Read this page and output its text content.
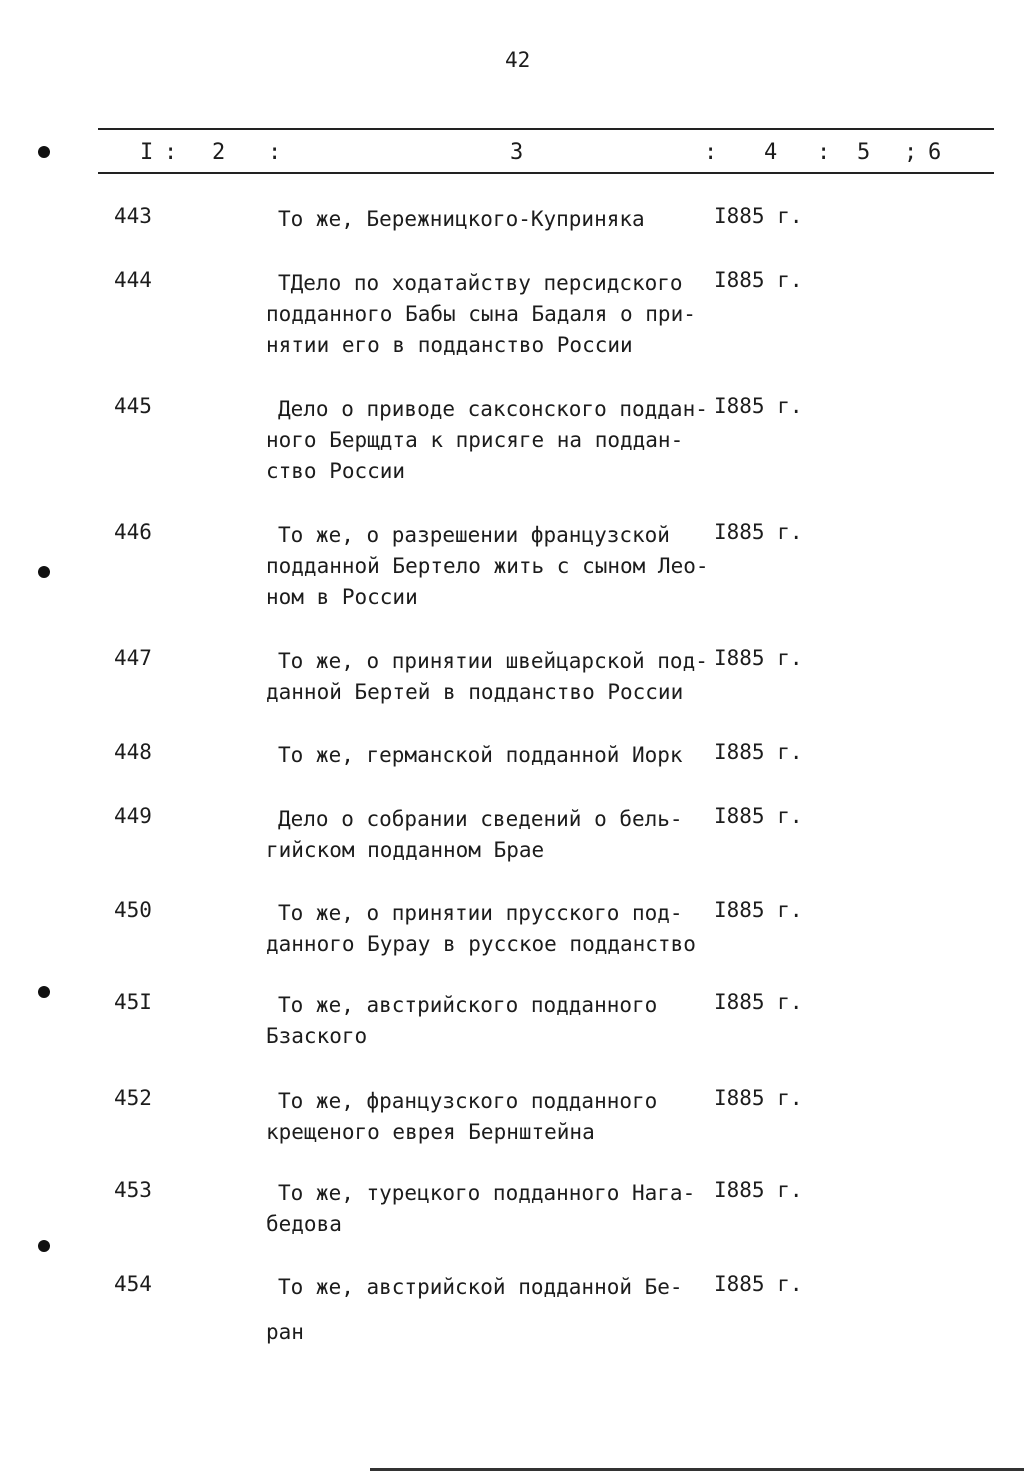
42
I : 2 :	3	: 4 : 5 ; 6
443	То же, Бережницкого-Куприняка	I885 г.
444	ТДело по ходатайству персидского
подданного Бабы сына Бадаля о при-
нятии его в подданство России
I885 г.
445	Дело о приводе саксонского поддан-
ного Берщдта к присяге на поддан-
ство России
I885 г.
446	То же, о разрешении французской
подданной Бертело жить с сыном Лео-
ном в России
I885 г.
447	То же, о принятии швейцарской под-
данной Бертей в подданство России
I885 г.
448	То же, германской подданной Иорк	I885 г.
449	Дело о собрании сведений о бель-
гийском подданном Брае
I885 г.
450	То же, о принятии прусского под-
данного Бурау в русское подданство
I885 г.
45I	То же, австрийского подданного
Бзаского
I885 г.
452	То же, французского подданного
крещеного еврея Бернштейна
I885 г.
453	То же, турецкого подданного Нага-
бедова
I885 г.
454	То же, австрийской подданной Бе-
ран
I885 г.
